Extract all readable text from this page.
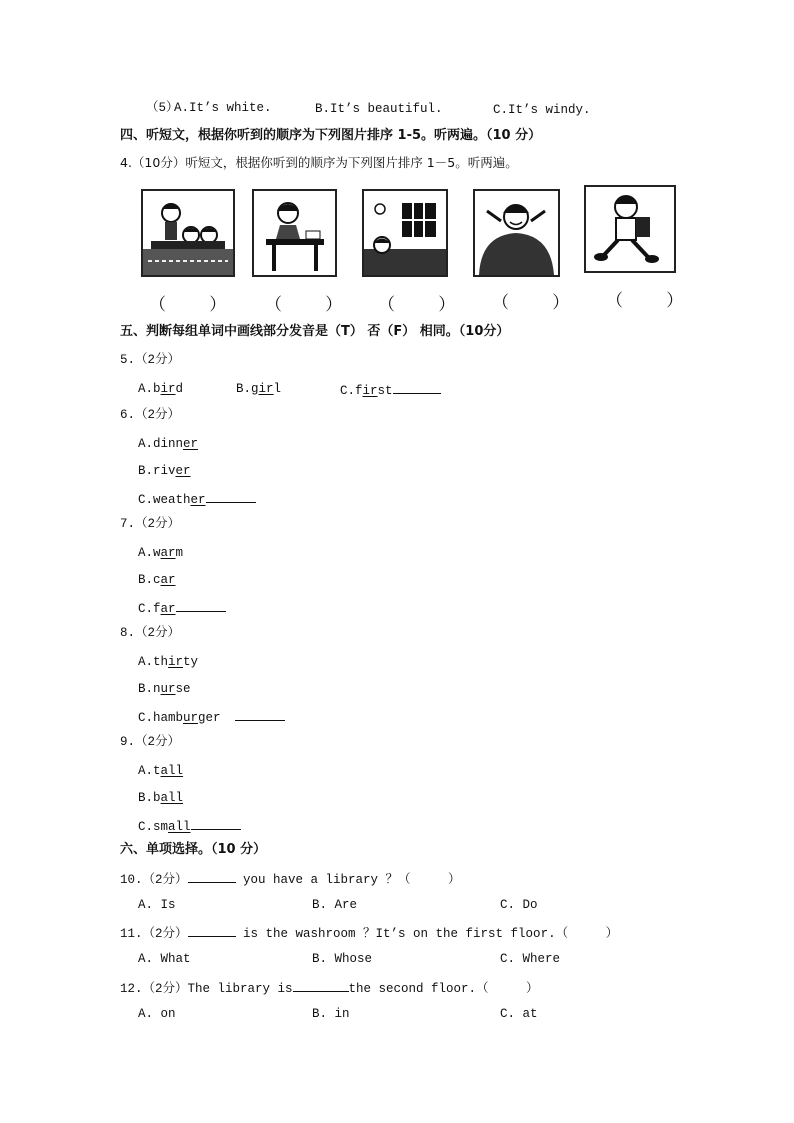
（5）
A.It’s white.	B.It’s beautiful.	C.It’s windy.
四、听短文，根据你听到的顺序为下列图片排序 1-5。听两遍。（10 分）
4.（10分）听短文，根据你听到的顺序为下列图片排序 1－5。听两遍。
（        ） （        ） （        ） （        ） （        ）
五、判断每组单词中画线部分发音是（T） 否（F） 相同。（10分）
5.（2分）
A.bird	B.girl	C.first
6.（2分）
A.dinner
B.river
C.weather
7.（2分）
A.warm
B.car
C.far
8.（2分）
A.thirty
B.nurse
C.hamburger
9.（2分）
A.tall
B.ball
C.small
六、单项选择。（10 分）
10.（2分）	you have a library ？（     ）
A. Is	B. Are	C. Do
11.（2分）	is the washroom ？It’s on the first floor.（     ）
A. What	B. Whose	C. Where
12.（2分）The library is	the second floor.（     ）
A. on	B. in	C. at
